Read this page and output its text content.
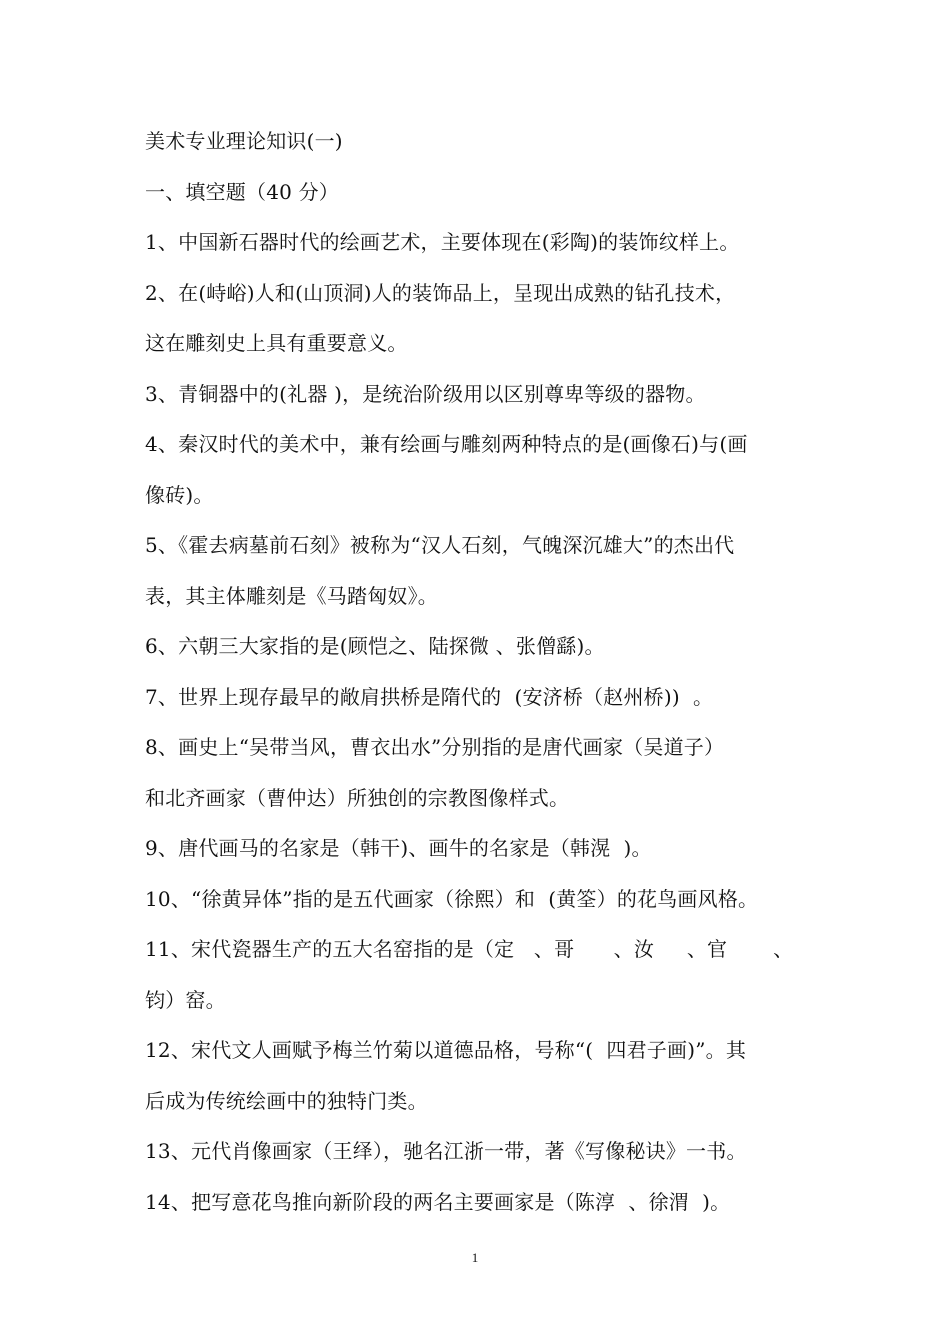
美术专业理论知识(一)
一、填空题（40 分）
1、中国新石器时代的绘画艺术，主要体现在(彩陶)的装饰纹样上。
2、在(峙峪)人和(山顶洞)人的装饰品上，呈现出成熟的钻孔技术，
这在雕刻史上具有重要意义。
3、青铜器中的(礼器 )，是统治阶级用以区别尊卑等级的器物。
4、秦汉时代的美术中，兼有绘画与雕刻两种特点的是(画像石)与(画
像砖)。
5、《霍去病墓前石刻》被称为“汉人石刻，气魄深沉雄大”的杰出代
表，其主体雕刻是《马踏匈奴》。
6、六朝三大家指的是(顾恺之、陆探微 、张僧繇)。
7、世界上现存最早的敞肩拱桥是隋代的  (安济桥（赵州桥))  。
8、画史上“吴带当风，曹衣出水”分别指的是唐代画家（吴道子）
和北齐画家（曹仲达）所独创的宗教图像样式。
9、唐代画马的名家是（韩干)、画牛的名家是（韩滉  )。
10、“徐黄异体”指的是五代画家（徐熙）和  (黄筌）的花鸟画风格。
11、宋代瓷器生产的五大名窑指的是（定   、哥      、汝     、官       、
钧）窑。
12、宋代文人画赋予梅兰竹菊以道德品格，号称“(  四君子画)”。其
后成为传统绘画中的独特门类。
13、元代肖像画家（王绎），驰名江浙一带，著《写像秘诀》一书。
14、把写意花鸟推向新阶段的两名主要画家是（陈淳  、徐渭  )。
1
